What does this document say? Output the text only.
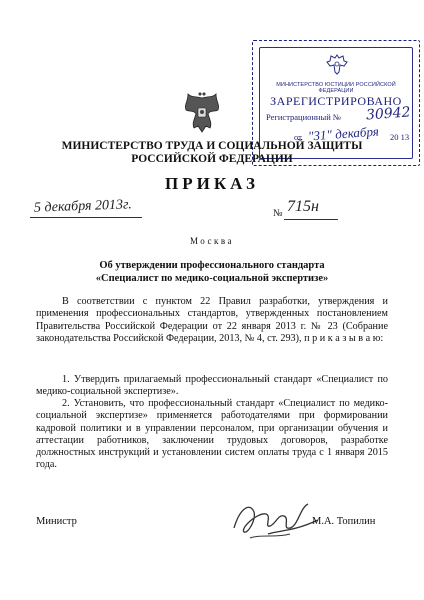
МИНИСТЕРСТВО ЮСТИЦИИ РОССИЙСКОЙ ФЕДЕРАЦИИ
ЗАРЕГИСТРИРОВАНО
Регистрационный № 30942
от "31" декабря 20 13
МИНИСТЕРСТВО ТРУДА И СОЦИАЛЬНОЙ ЗАЩИТЫ
РОССИЙСКОЙ ФЕДЕРАЦИИ
ПРИКАЗ
5 декабря 2013г.	№ 715н
Москва
Об утверждении профессионального стандарта
«Специалист по медико-социальной экспертизе»
В соответствии с пунктом 22 Правил разработки, утверждения и применения профессиональных стандартов, утвержденных постановлением Правительства Российской Федерации от 22 января 2013 г. № 23 (Собрание законодательства Российской Федерации, 2013, № 4, ст. 293), п р и к а з ы в а ю:
1. Утвердить прилагаемый профессиональный стандарт «Специалист по медико-социальной экспертизе».
2. Установить, что профессиональный стандарт «Специалист по медико-социальной экспертизе» применяется работодателями при формировании кадровой политики и в управлении персоналом, при организации обучения и аттестации работников, заключении трудовых договоров, разработке должностных инструкций и установлении систем оплаты труда с 1 января 2015 года.
Министр	М.А. Топилин
